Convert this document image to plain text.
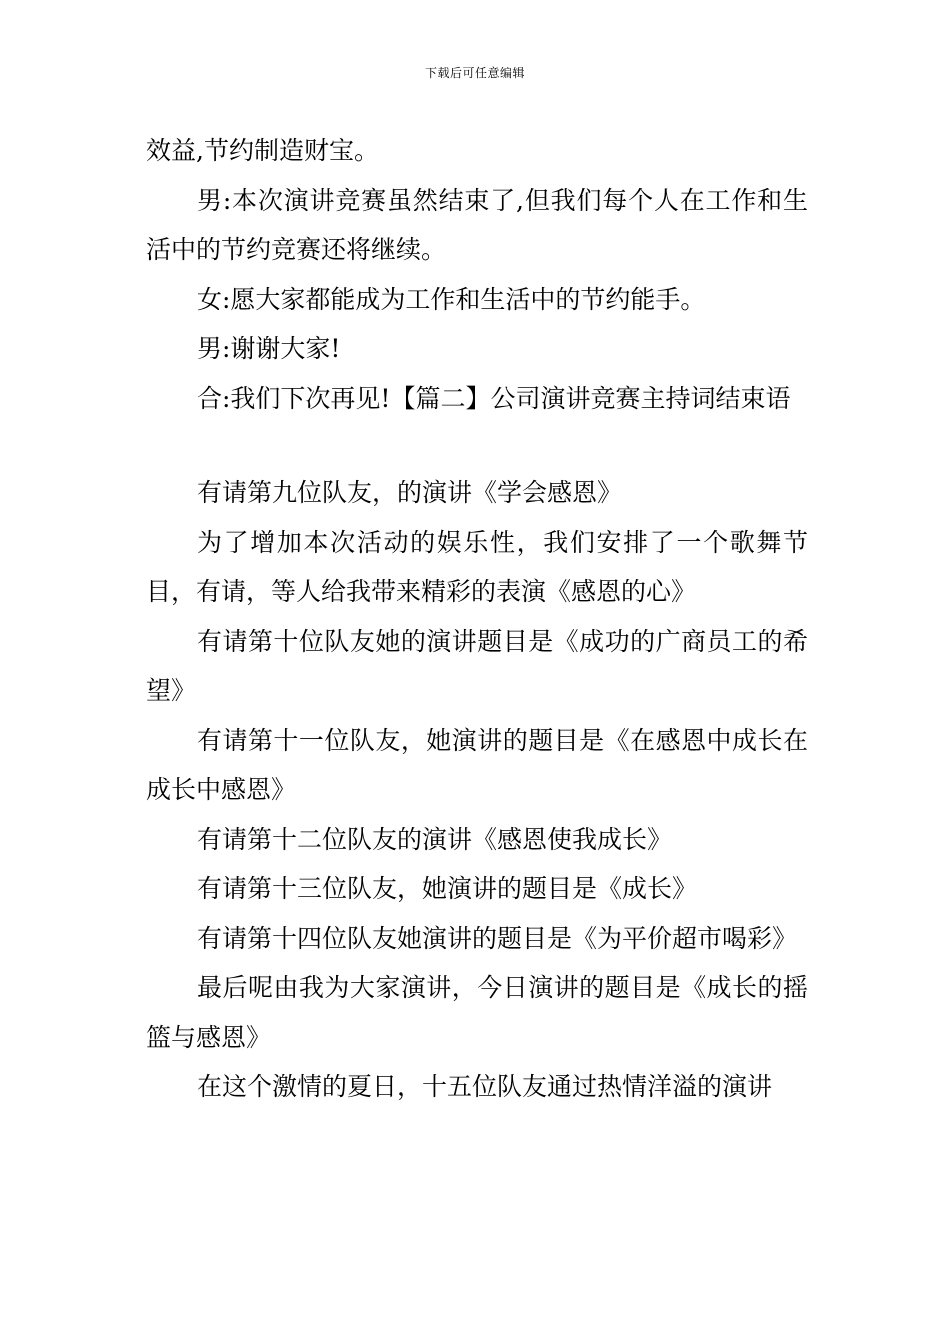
下载后可任意编辑

效益,节约制造财宝。

男:本次演讲竞赛虽然结束了,但我们每个人在工作和生活中的节约竞赛还将继续。

女:愿大家都能成为工作和生活中的节约能手。

男:谢谢大家!

合:我们下次再见!【篇二】公司演讲竞赛主持词结束语

有请第九位队友，的演讲《学会感恩》

为了增加本次活动的娱乐性，我们安排了一个歌舞节目，有请，等人给我带来精彩的表演《感恩的心》

有请第十位队友她的演讲题目是《成功的广商员工的希望》

有请第十一位队友，她演讲的题目是《在感恩中成长在成长中感恩》

有请第十二位队友的演讲《感恩使我成长》

有请第十三位队友，她演讲的题目是《成长》

有请第十四位队友她演讲的题目是《为平价超市喝彩》

最后呢由我为大家演讲，今日演讲的题目是《成长的摇篮与感恩》

在这个激情的夏日，十五位队友通过热情洋溢的演讲
